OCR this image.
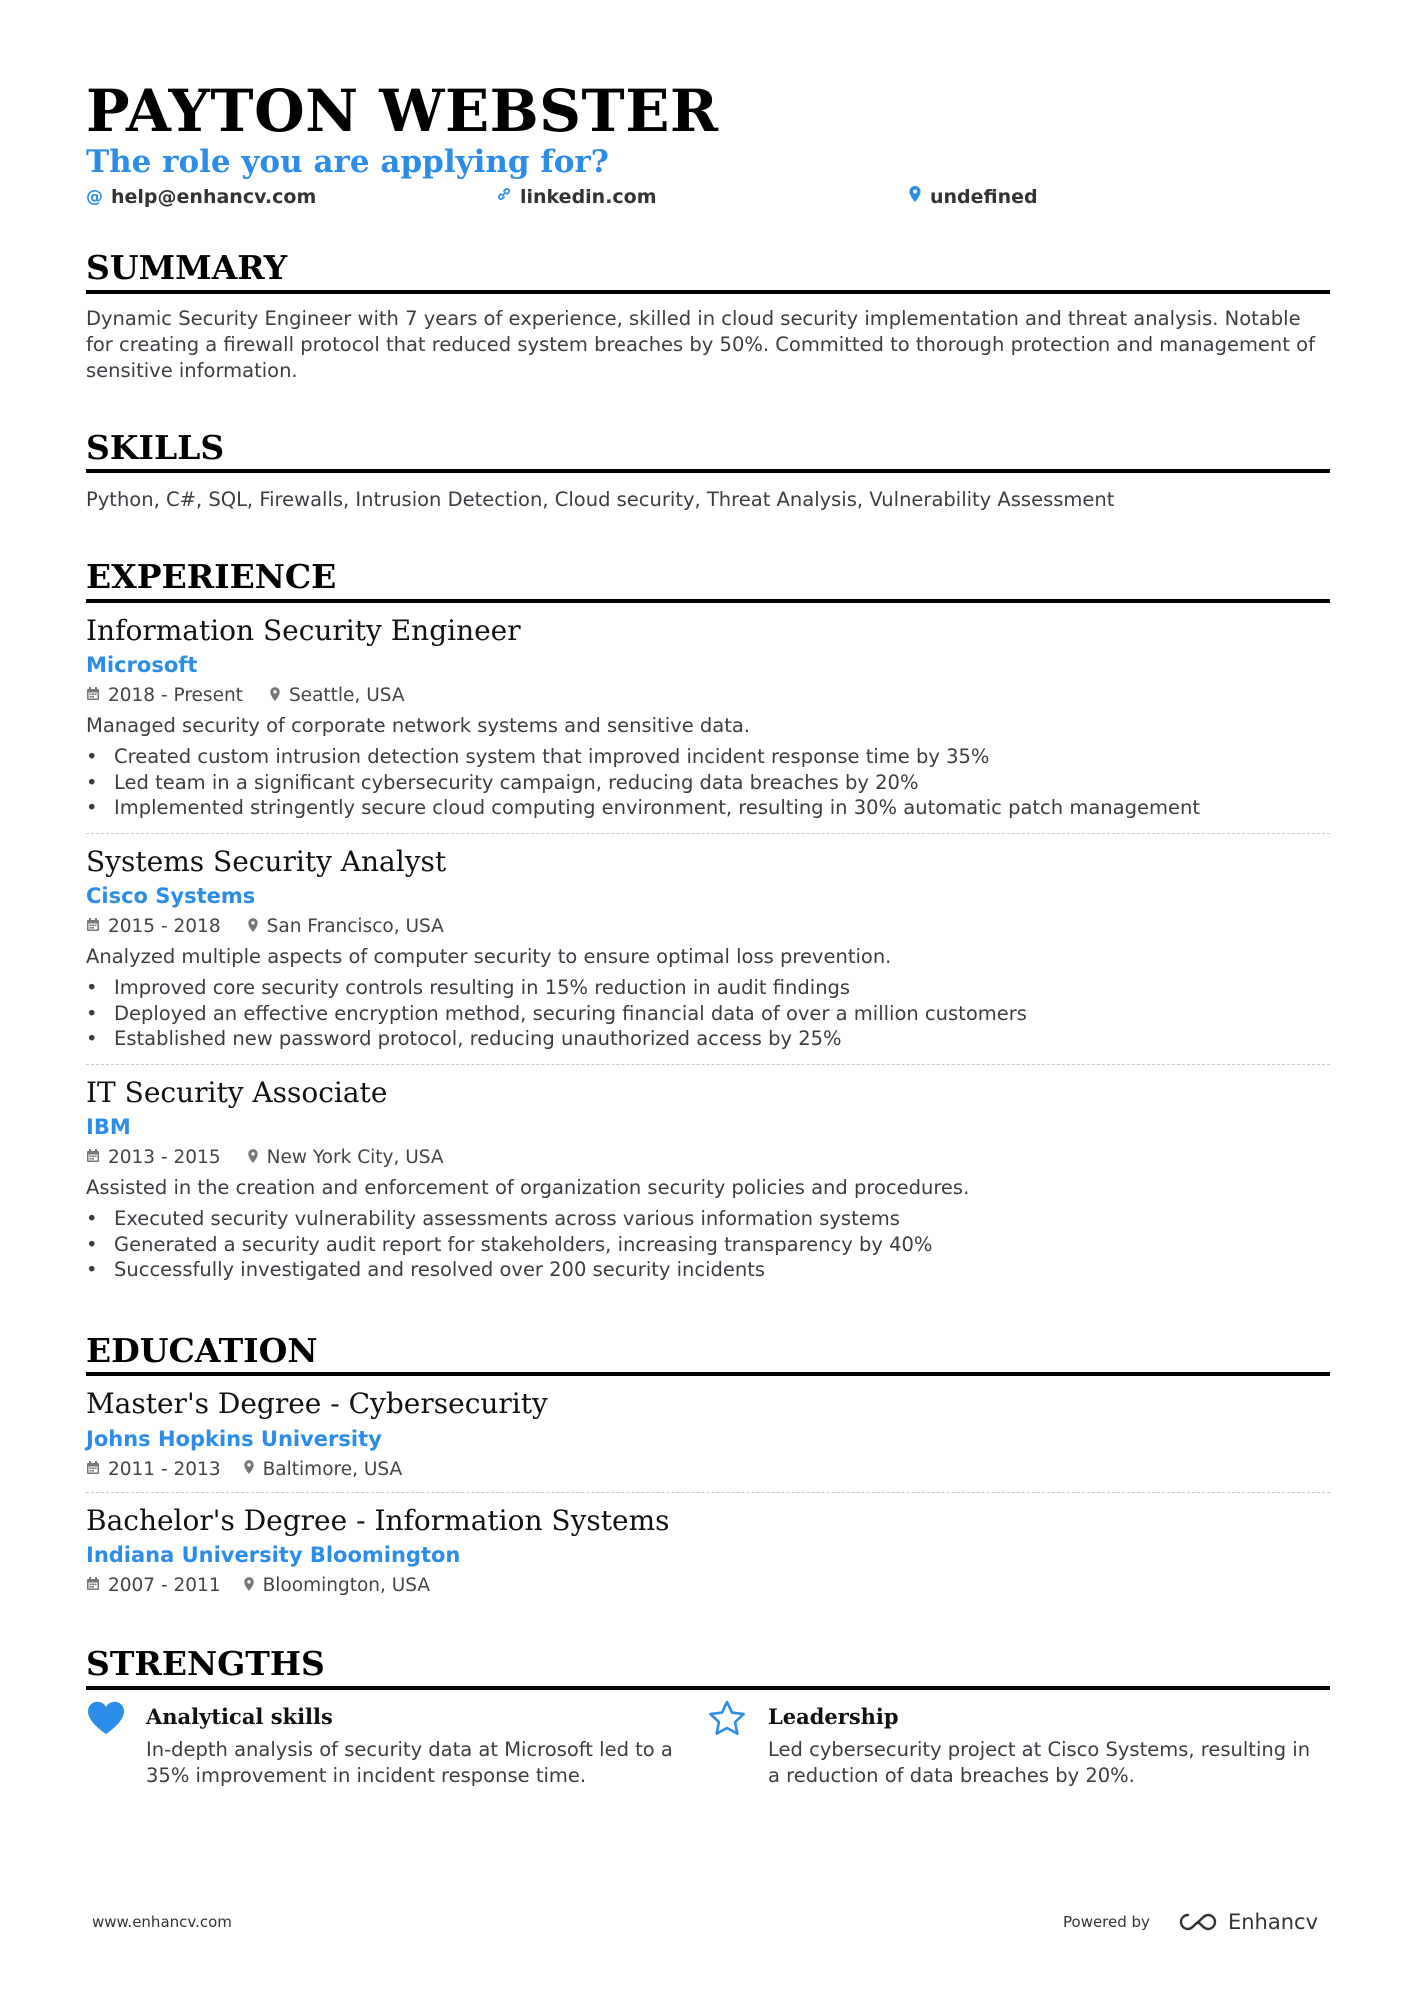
PAYTON WEBSTER
The role you are applying for?
@ help@enhancv.com	linkedin.com	undefined
SUMMARY
Dynamic Security Engineer with 7 years of experience, skilled in cloud security implementation and threat analysis. Notable for creating a firewall protocol that reduced system breaches by 50%. Committed to thorough protection and management of sensitive information.
SKILLS
Python, C#, SQL, Firewalls, Intrusion Detection, Cloud security, Threat Analysis, Vulnerability Assessment
EXPERIENCE
Information Security Engineer
Microsoft
2018 - Present Seattle, USA
Managed security of corporate network systems and sensitive data.
• Created custom intrusion detection system that improved incident response time by 35%
• Led team in a significant cybersecurity campaign, reducing data breaches by 20%
• Implemented stringently secure cloud computing environment, resulting in 30% automatic patch management
Systems Security Analyst
Cisco Systems
2015 - 2018 San Francisco, USA
Analyzed multiple aspects of computer security to ensure optimal loss prevention.
• Improved core security controls resulting in 15% reduction in audit findings
• Deployed an effective encryption method, securing financial data of over a million customers
• Established new password protocol, reducing unauthorized access by 25%
IT Security Associate
IBM
2013 - 2015 New York City, USA
Assisted in the creation and enforcement of organization security policies and procedures.
• Executed security vulnerability assessments across various information systems
• Generated a security audit report for stakeholders, increasing transparency by 40%
• Successfully investigated and resolved over 200 security incidents
EDUCATION
Master's Degree - Cybersecurity
Johns Hopkins University
2011 - 2013 Baltimore, USA
Bachelor's Degree - Information Systems
Indiana University Bloomington
2007 - 2011 Bloomington, USA
STRENGTHS
Analytical skills
In-depth analysis of security data at Microsoft led to a 35% improvement in incident response time.
Leadership
Led cybersecurity project at Cisco Systems, resulting in a reduction of data breaches by 20%.
www.enhancv.com	Powered by	Enhancv
